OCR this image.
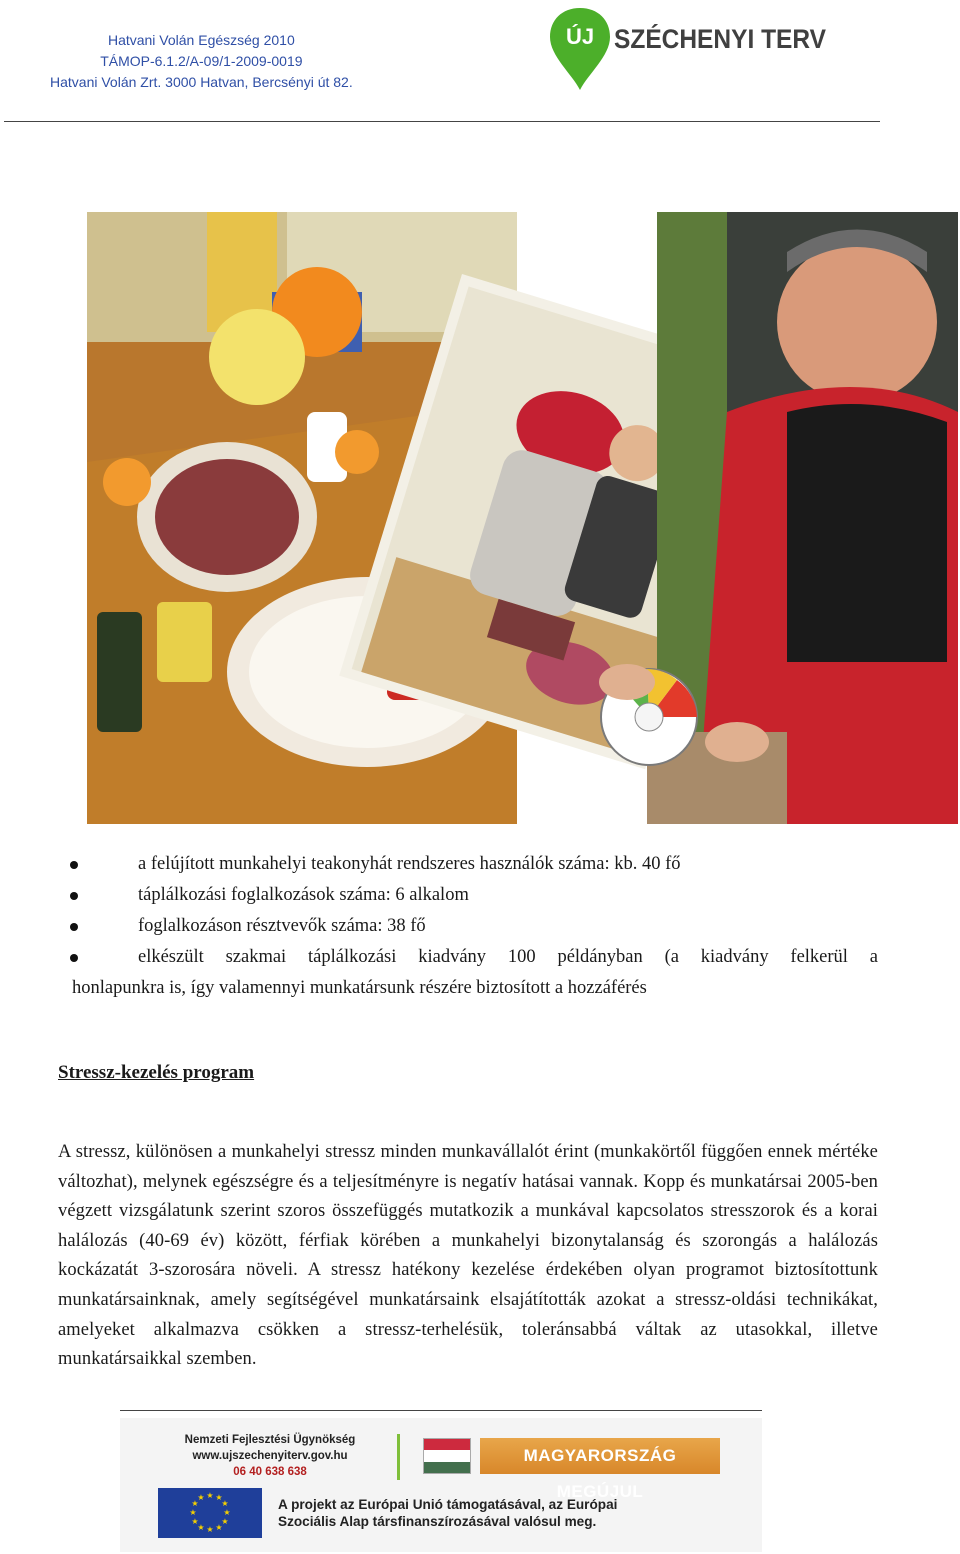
Hatvani Volán Egészség 2010
TÁMOP-6.1.2/A-09/1-2009-0019
Hatvani Volán Zrt. 3000 Hatvan, Bercsényi út 82.
ÚJ SZÉCHENYI TERV
a felújított munkahelyi teakonyhát rendszeres használók száma: kb. 40 fő
táplálkozási foglalkozások száma: 6 alkalom
foglalkozáson résztvevők száma: 38 fő
elkészült szakmai táplálkozási kiadvány 100 példányban (a kiadvány felkerül a
honlapunkra is, így valamennyi munkatársunk részére biztosított a hozzáférés
Stressz-kezelés program
A stressz, különösen a munkahelyi stressz minden munkavállalót érint (munkakörtől függően ennek mértéke változhat), melynek egészségre és a teljesítményre is negatív hatásai vannak. Kopp és munkatársai 2005-ben végzett vizsgálatunk szerint szoros összefüggés mutatkozik a munkával kapcsolatos stresszorok és a korai halálozás (40-69 év) között, férfiak körében a munkahelyi bizonytalanság és szorongás a halálozás kockázatát 3-szorosára növeli. A stressz hatékony kezelése érdekében olyan programot biztosítottunk munkatársainknak, amely segítségével munkatársaink elsajátították azokat a stressz-oldási technikákat, amelyeket alkalmazva csökken a stressz-terhelésük, toleránsabbá váltak az utasokkal, illetve munkatársaikkal szemben.
Nemzeti Fejlesztési Ügynökség
www.ujszechenyiterv.gov.hu
06 40 638 638
MAGYARORSZÁG MEGÚJUL
★ ★
★
★
★
★
★
★
★
★
★
★	A projekt az Európai Unió támogatásával, az Európai
Szociális Alap társfinanszírozásával valósul meg.
